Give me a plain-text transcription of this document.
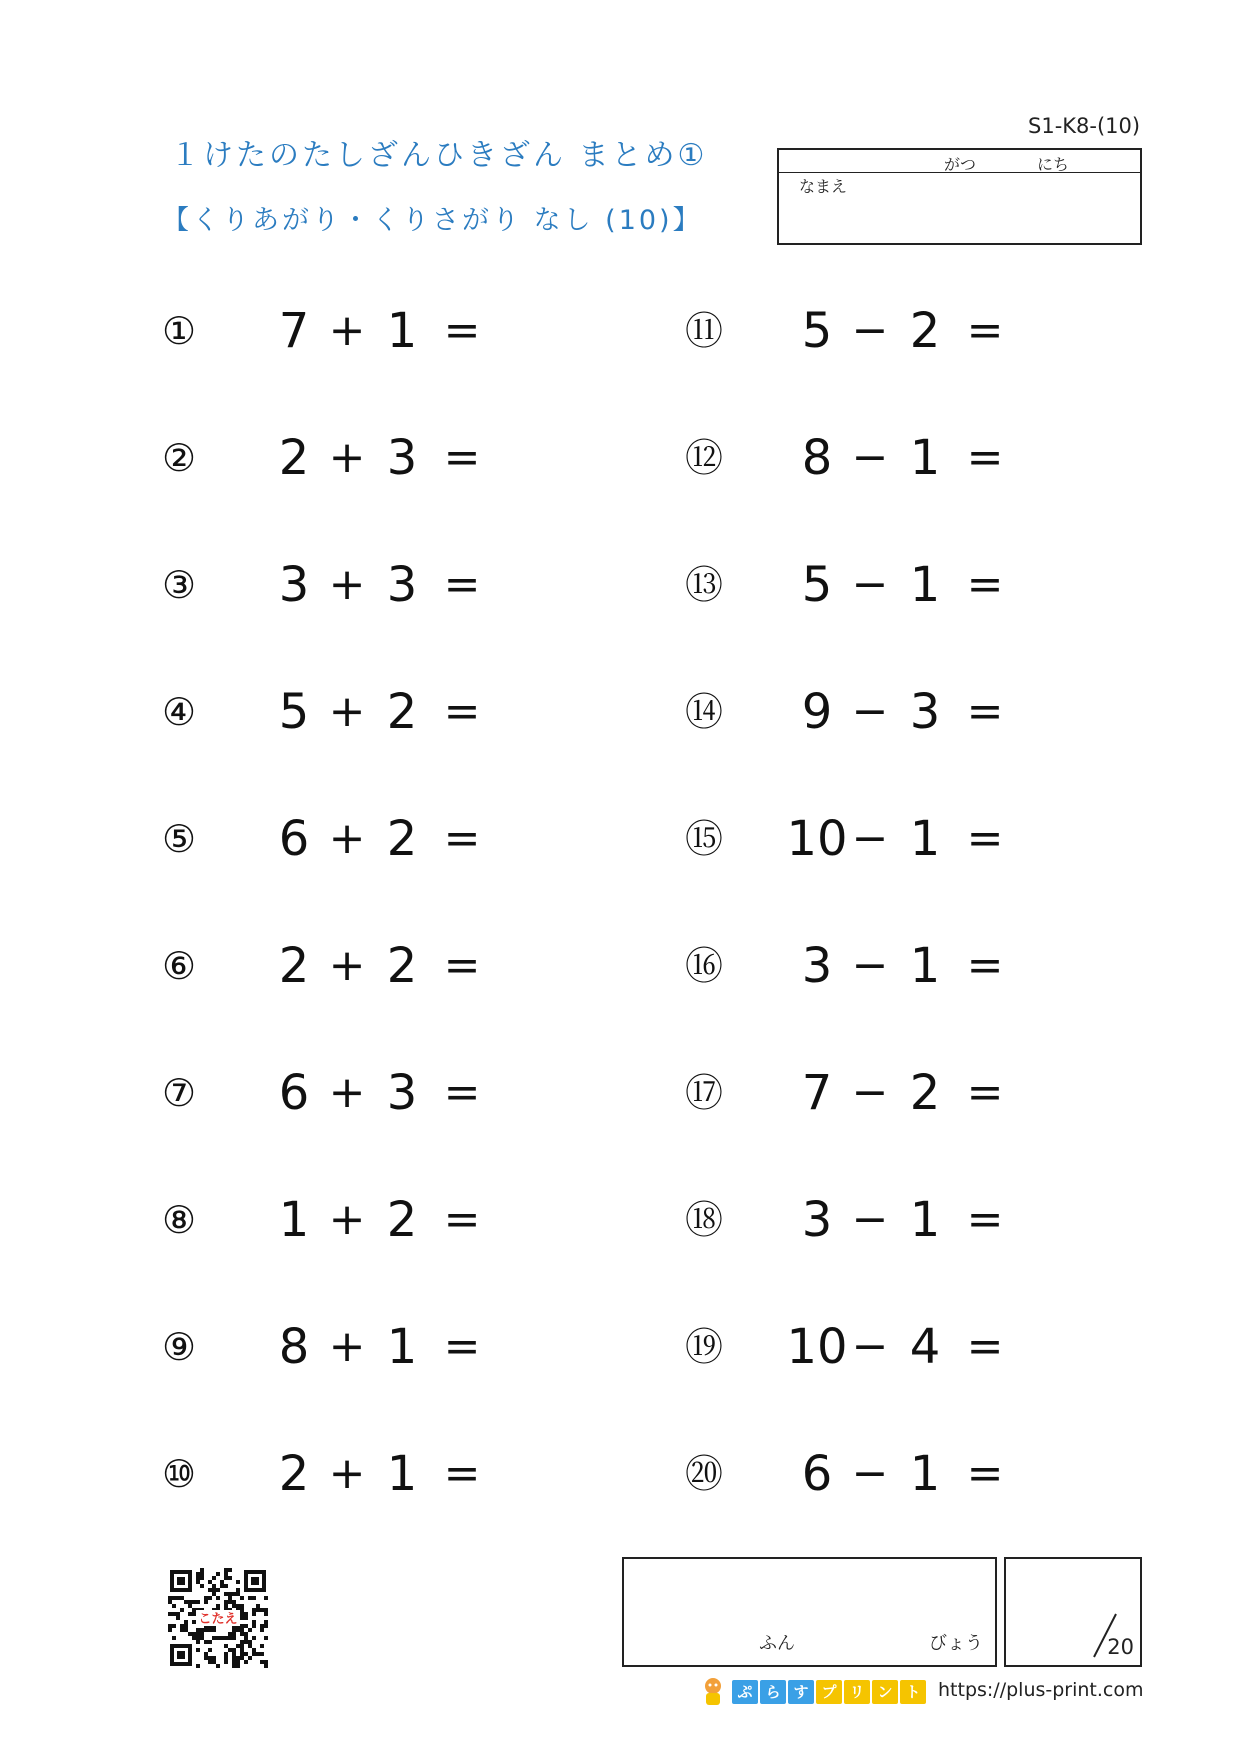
１けたのたしざんひきざん まとめ①
【くりあがり・くりさがり なし (10)】
S1-K8-(10)
がつ	にち
なまえ
①	7 + 1 =
②	2 + 3 =
③	3 + 3 =
④	5 + 2 =
⑤	6 + 2 =
⑥	2 + 2 =
⑦	6 + 3 =
⑧	1 + 2 =
⑨	8 + 1 =
⑩	2 + 1 =
⑪	5 − 2 =
⑫	8 − 1 =
⑬	5 − 1 =
⑭	9 − 3 =
⑮ 10 − 1 =
⑯	3 − 1 =
⑰	7 − 2 =
⑱	3 − 1 =
⑲ 10 − 4 =
⑳	6 − 1 =
こたえ
ふん	びょう	20
ぷ ら す プ リ ン ト https://plus-print.com
